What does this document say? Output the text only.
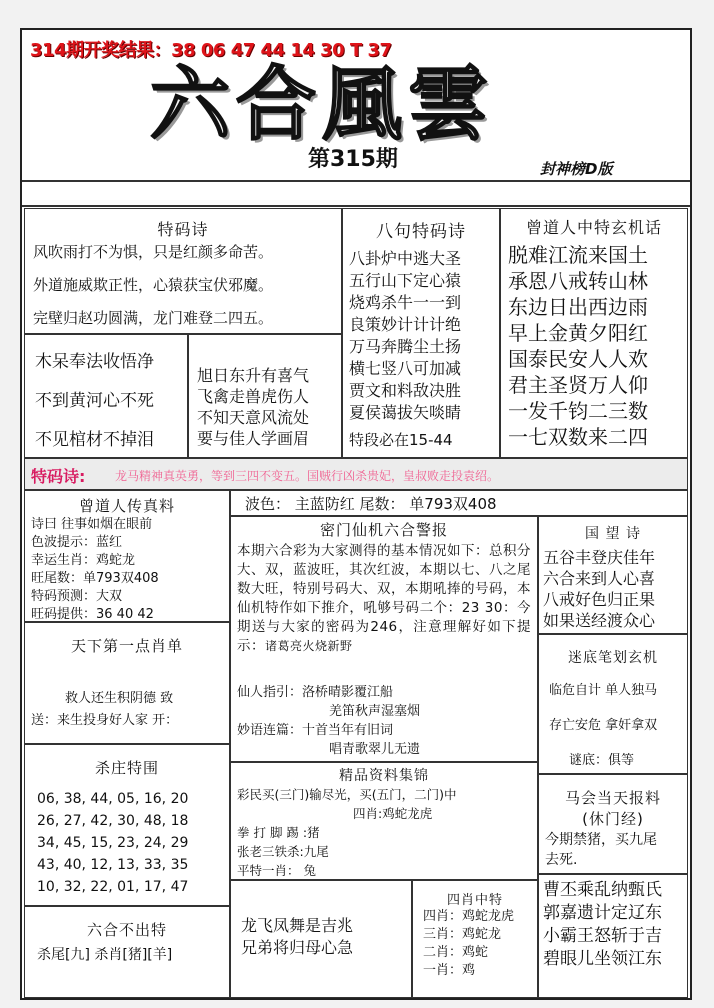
314期开奖结果：38 06 47 44 14 30 T 37
六合風雲
第315期	封神榜D版
特码诗
风吹雨打不为惧，只是红颜多命苦。
外道施威欺正性，心猿获宝伏邪魔。
完壁归赵功圆满，龙门难登二四五。
木呆奉法收悟净
不到黄河心不死
不见棺材不掉泪
旭日东升有喜气
飞禽走兽虎伤人
不知天意风流处
要与佳人学画眉
八句特码诗
八卦炉中逃大圣
五行山下定心猿
烧鸡杀牛一一到
良策妙计计计绝
万马奔腾尘土扬
横七竖八可加减
贾文和料敌决胜
夏侯蔼拔矢啖睛
特段必在15-44
曾道人中特玄机话
脱难江流来国土
承恩八戒转山林
东边日出西边雨
早上金黄夕阳红
国泰民安人人欢
君主圣贤万人仰
一发千钧二三数
一七双数来二四
特码诗: 龙马精神真英勇，等到三四不变五。国贼行凶杀贵妃，皇叔败走投袁绍。
曾道人传真料
诗曰 往事如烟在眼前
色波提示：蓝红
幸运生肖：鸡蛇龙
旺尾数：单793双408
特码预测：大双
旺码提供：36 40 42
天下第一点肖单
救人还生积阴德 致
送：来生投身好人家 开：
杀庄特围
06, 38, 44, 05, 16, 20
26, 27, 42, 30, 48, 18
34, 45, 15, 23, 24, 29
43, 40, 12, 13, 33, 35
10, 32, 22, 01, 17, 47
六合不出特
杀尾[九] 杀肖[猪][羊]
波色： 主蓝防红 尾数： 单793双408
密门仙机六合警报
本期六合彩为大家测得的基本情况如下：总积分大、双，蓝波旺，其次红波，本期以七、八之尾数大旺，特别号码大、双，本期吼捧的号码，本仙机特作如下推介，吼够号码二个：23 30：今期送与大家的密码为246，注意理解好如下提示：诸葛亮火烧新野
仙人指引：洛桥晴影覆江船
羌笛秋声湿塞烟
妙语连篇：十首当年有旧词
唱青歌翠儿无遗
精品资料集锦
彩民买(三门)输尽光，买(五门，二门)中
四肖:鸡蛇龙虎
拳 打 脚 踢 :猪
张老三铁杀:九尾
平特一肖： 兔
龙飞凤舞是吉兆
兄弟将归母心急
四肖中特
四肖：鸡蛇龙虎
三肖：鸡蛇龙
二肖：鸡蛇
一肖：鸡
国 望 诗
五谷丰登庆佳年
六合来到人心喜
八戒好色归正果
如果送经渡众心
迷底笔划玄机
临危自计 单人独马
存亡安危 拿奸拿双
谜底：俱等
马会当天报料
(休门经)
今期禁猪，买九尾
去死.
曹丕乘乱纳甄氏
郭嘉遗计定辽东
小霸王怒斩于吉
碧眼儿坐领江东
